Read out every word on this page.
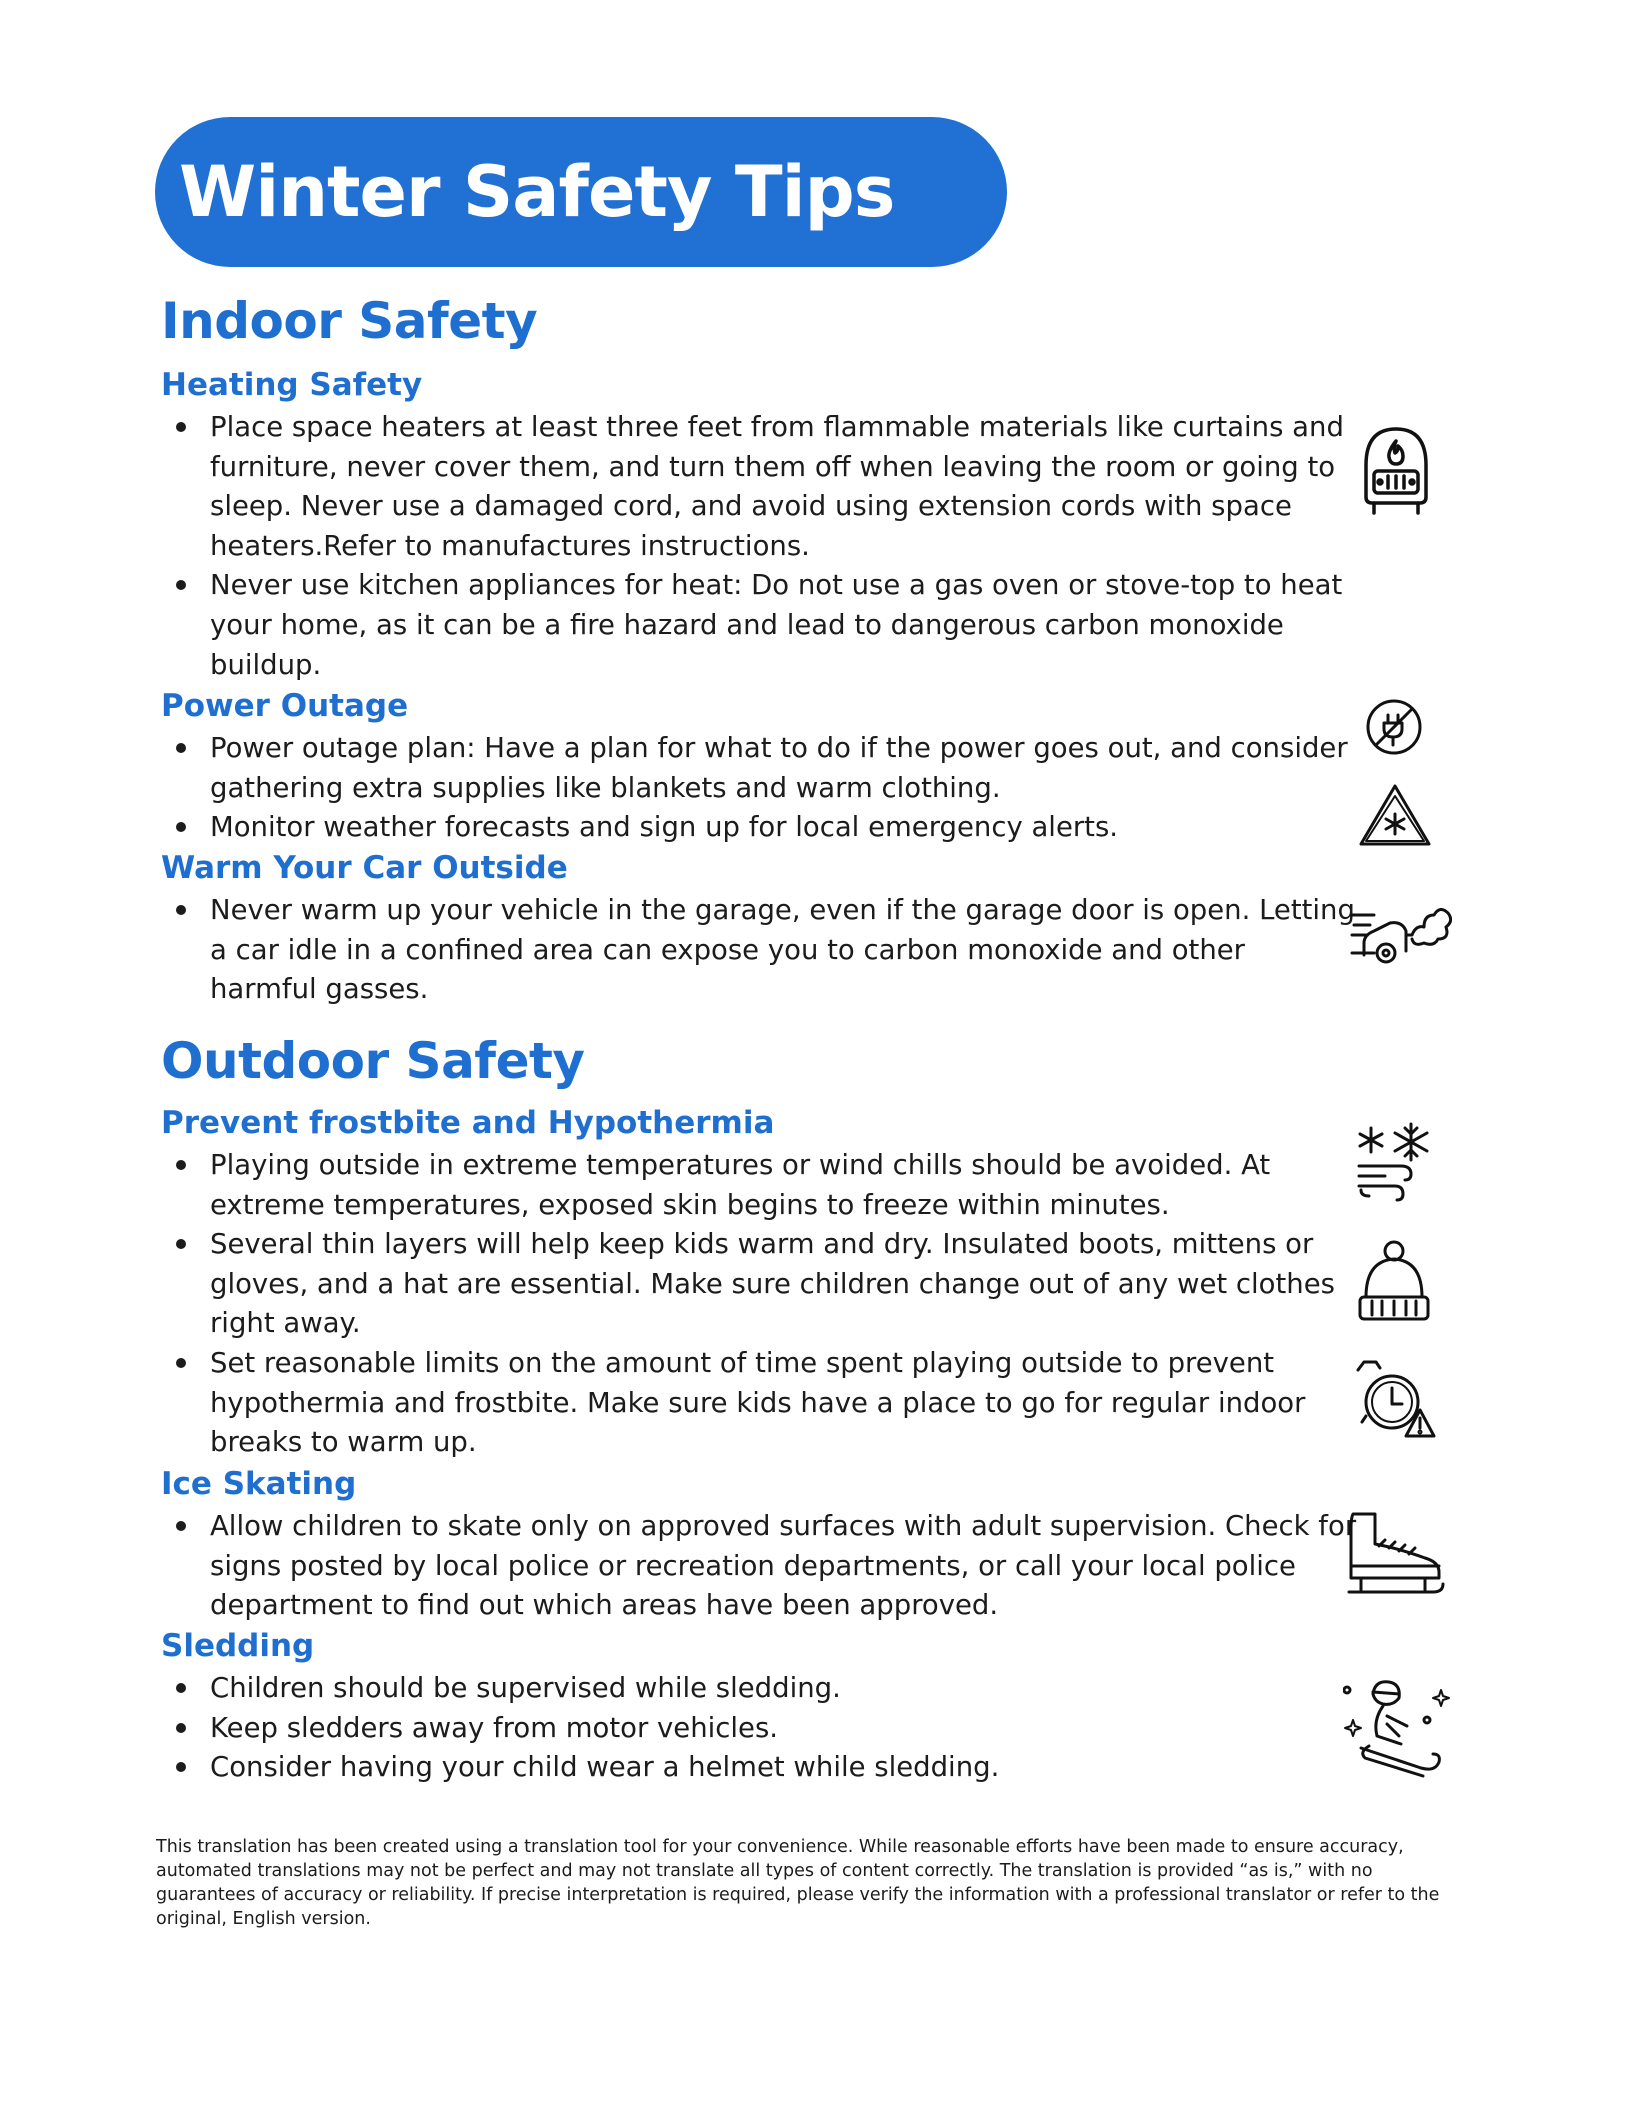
Winter Safety Tips
Indoor Safety
Heating Safety
Place space heaters at least three feet from flammable materials like curtains and furniture, never cover them, and turn them off when leaving the room or going to sleep. Never use a damaged cord, and avoid using extension cords with space heaters.Refer to manufactures instructions.
Never use kitchen appliances for heat: Do not use a gas oven or stove-top to heat your home, as it can be a fire hazard and lead to dangerous carbon monoxide buildup.
Power Outage
Power outage plan: Have a plan for what to do if the power goes out, and consider gathering extra supplies like blankets and warm clothing.
Monitor weather forecasts and sign up for local emergency alerts.
Warm Your Car Outside
Never warm up your vehicle in the garage, even if the garage door is open. Letting a car idle in a confined area can expose you to carbon monoxide and other harmful gasses.
Outdoor Safety
Prevent frostbite and Hypothermia
Playing outside in extreme temperatures or wind chills should be avoided. At extreme temperatures, exposed skin begins to freeze within minutes.
Several thin layers will help keep kids warm and dry. Insulated boots, mittens or gloves, and a hat are essential. Make sure children change out of any wet clothes right away.
Set reasonable limits on the amount of time spent playing outside to prevent hypothermia and frostbite. Make sure kids have a place to go for regular indoor breaks to warm up.
Ice Skating
Allow children to skate only on approved surfaces with adult supervision. Check for signs posted by local police or recreation departments, or call your local police department to find out which areas have been approved.
Sledding
Children should be supervised while sledding.
Keep sledders away from motor vehicles.
Consider having your child wear a helmet while sledding.

This translation has been created using a translation tool for your convenience. While reasonable efforts have been made to ensure accuracy, automated translations may not be perfect and may not translate all types of content correctly. The translation is provided “as is,” with no guarantees of accuracy or reliability. If precise interpretation is required, please verify the information with a professional translator or refer to the original, English version.
